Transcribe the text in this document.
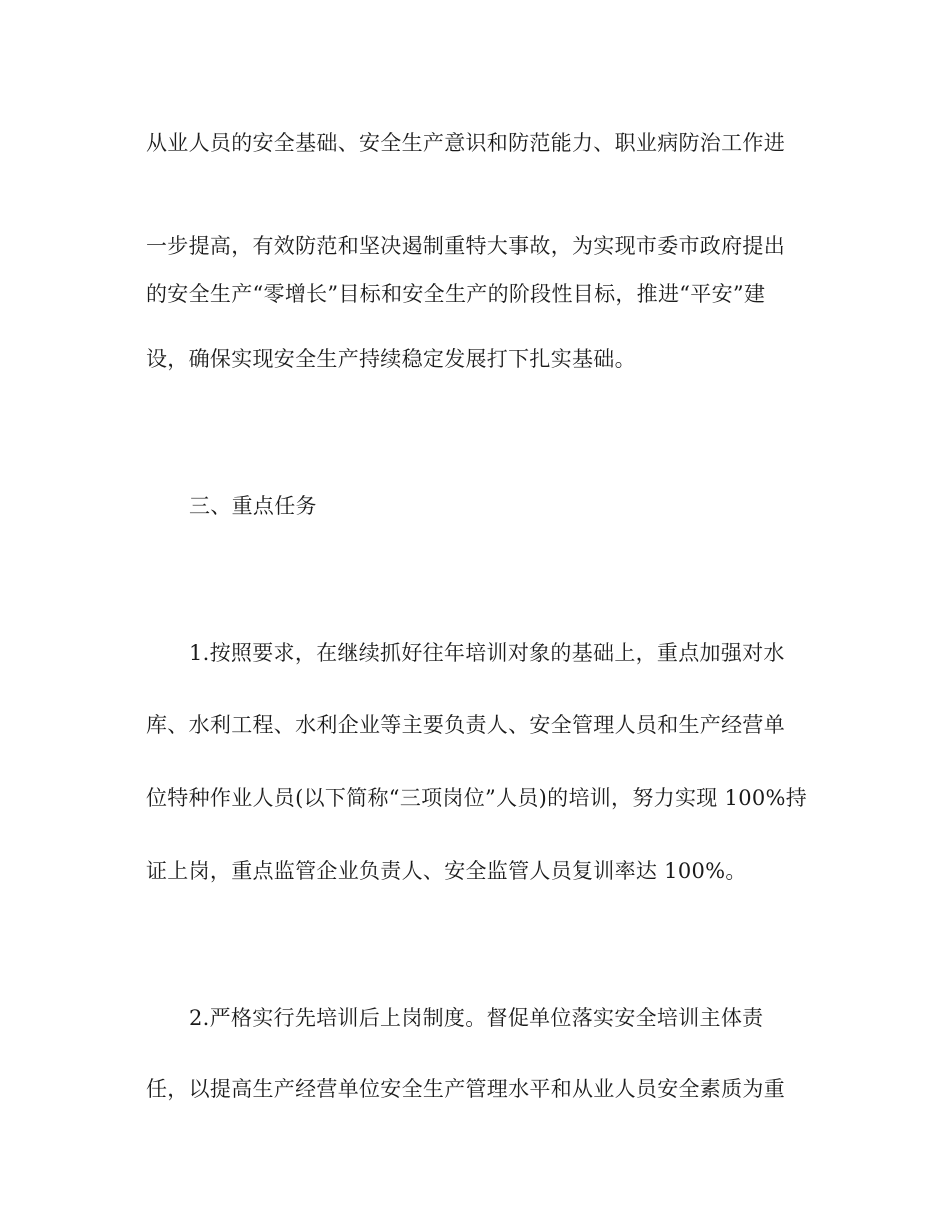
从业人员的安全基础、安全生产意识和防范能力、职业病防治工作进
一步提高，有效防范和坚决遏制重特大事故，为实现市委市政府提出
的安全生产“零增长”目标和安全生产的阶段性目标，推进“平安”建
设，确保实现安全生产持续稳定发展打下扎实基础。
三、重点任务
1.按照要求，在继续抓好往年培训对象的基础上，重点加强对水
库、水利工程、水利企业等主要负责人、安全管理人员和生产经营单
位特种作业人员(以下简称“三项岗位”人员)的培训，努力实现 100%持
证上岗，重点监管企业负责人、安全监管人员复训率达 100%。
2.严格实行先培训后上岗制度。督促单位落实安全培训主体责
任，以提高生产经营单位安全生产管理水平和从业人员安全素质为重
